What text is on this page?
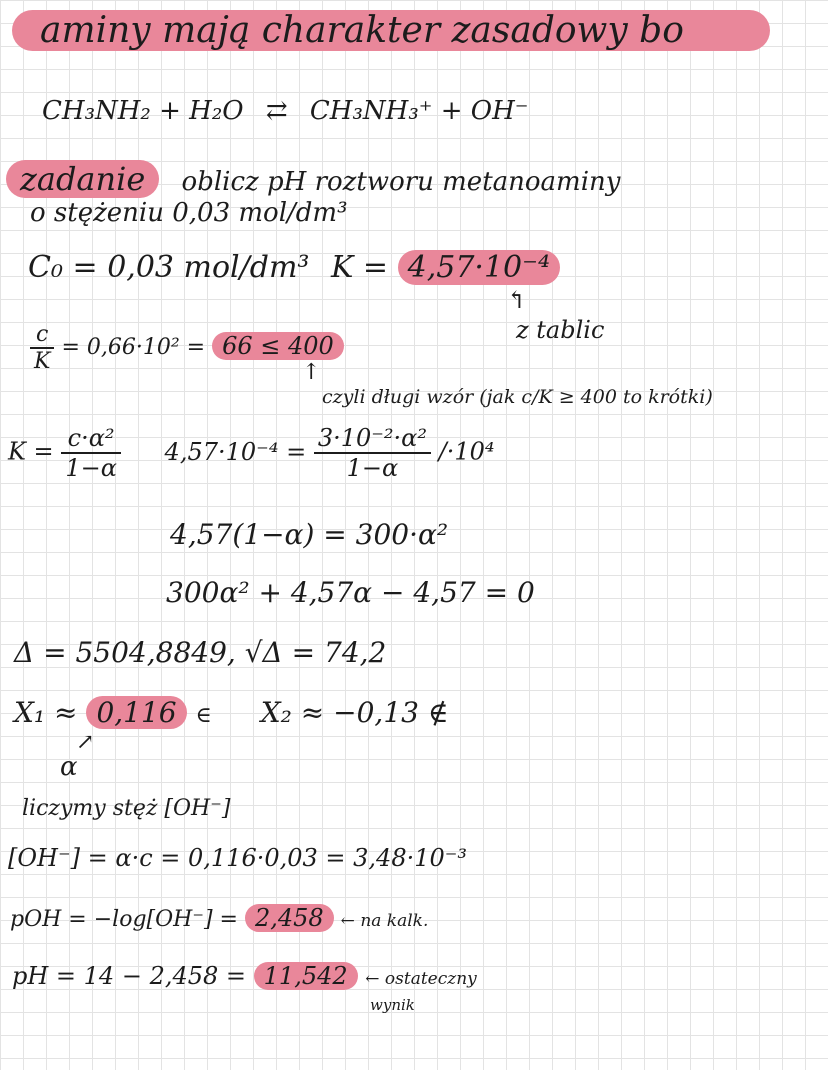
aminy mają charakter zasadowy bo
CH₃NH₂ + H₂O ⇄ CH₃NH₃⁺ + OH⁻
zadanie oblicz pH roztworu metanoaminy
o stężeniu 0,03 mol/dm³
C₀ = 0,03 mol/dm³ K = 4,57·10⁻⁴
↰
z tablic
$\frac{c}{K} = 0,66\cdot 10^2 = 66 \le 400$
↑
czyli długi wzór (jak c/K ≥ 400 to krótki)
$K = \frac{\text{c·α²}}{1-\alpha} 4,57\cdot 10^{-4} = \frac{\text{3·10⁻²·α²}}{1-\alpha} /\cdot 10^4$
4,57(1−α) = 300·α²
300α² + 4,57α − 4,57 = 0
Δ = 5504,8849, √Δ = 74,2
X₁ ≈ 0,116 ∈ X₂ ≈ −0,13 ∉
↗
α
liczymy stęż [OH⁻]
[OH⁻] = α·c = 0,116·0,03 = 3,48·10⁻³
pOH = −log[OH⁻] = 2,458 ← na kalk.
pH = 14 − 2,458 = 11,542 ← ostateczny
wynik
